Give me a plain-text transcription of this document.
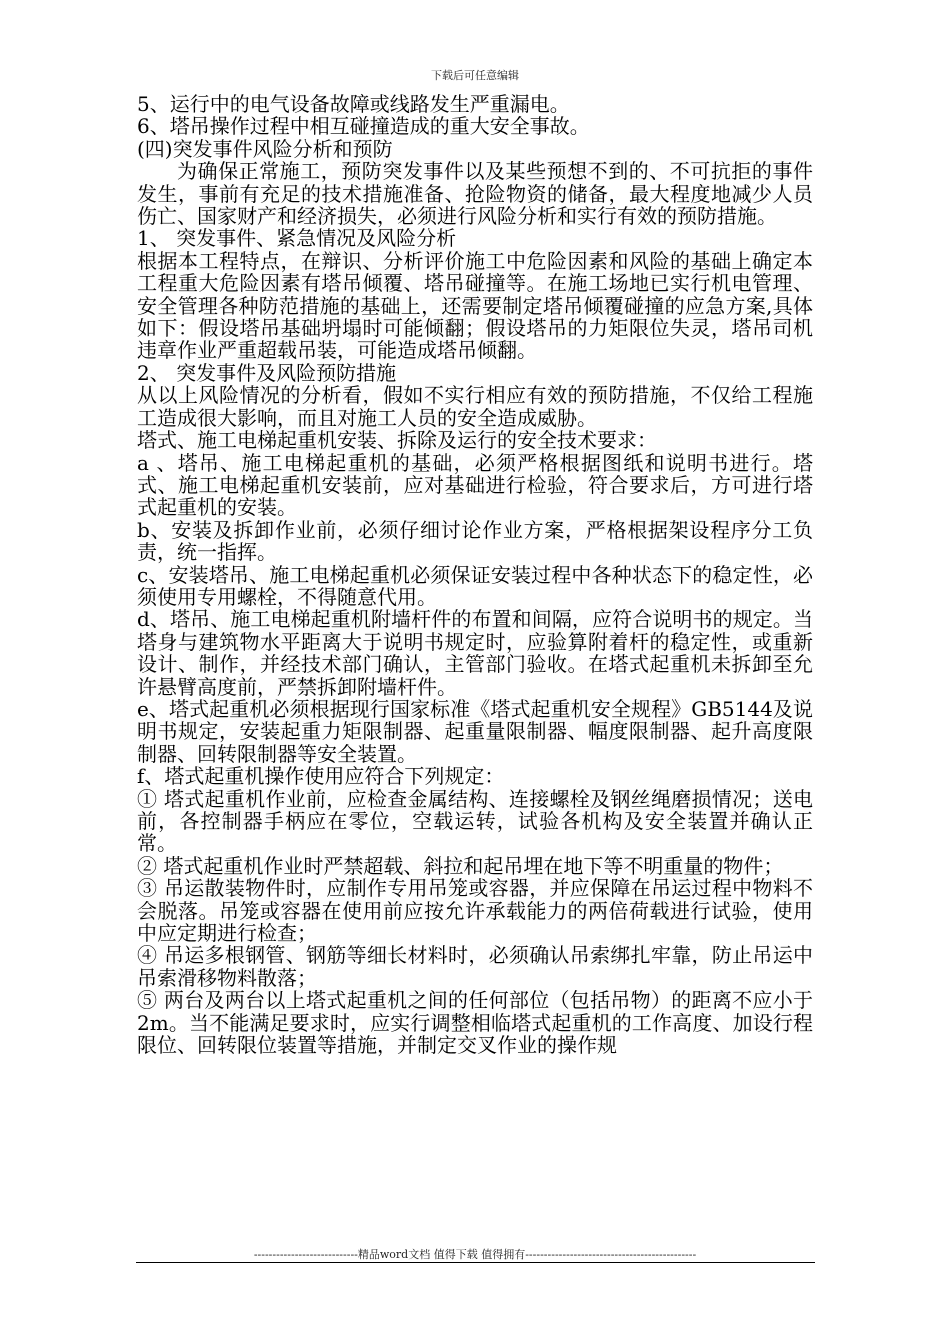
下载后可任意编辑

5、运行中的电气设备故障或线路发生严重漏电。

6、塔吊操作过程中相互碰撞造成的重大安全事故。

(四)突发事件风险分析和预防

为确保正常施工，预防突发事件以及某些预想不到的、不可抗拒的事件发生，事前有充足的技术措施准备、抢险物资的储备，最大程度地减少人员伤亡、国家财产和经济损失，必须进行风险分析和实行有效的预防措施。

1、 突发事件、紧急情况及风险分析

根据本工程特点，在辩识、分析评价施工中危险因素和风险的基础上确定本工程重大危险因素有塔吊倾覆、塔吊碰撞等。在施工场地已实行机电管理、安全管理各种防范措施的基础上，还需要制定塔吊倾覆碰撞的应急方案,具体如下：假设塔吊基础坍塌时可能倾翻；假设塔吊的力矩限位失灵，塔吊司机违章作业严重超载吊装，可能造成塔吊倾翻。

2、 突发事件及风险预防措施

从以上风险情况的分析看，假如不实行相应有效的预防措施，不仅给工程施工造成很大影响，而且对施工人员的安全造成威胁。

塔式、施工电梯起重机安装、拆除及运行的安全技术要求：

a 、塔吊、施工电梯起重机的基础，必须严格根据图纸和说明书进行。塔式、施工电梯起重机安装前，应对基础进行检验，符合要求后，方可进行塔式起重机的安装。

b、安装及拆卸作业前，必须仔细讨论作业方案，严格根据架设程序分工负责，统一指挥。

c、安装塔吊、施工电梯起重机必须保证安装过程中各种状态下的稳定性，必须使用专用螺栓，不得随意代用。

d、塔吊、施工电梯起重机附墙杆件的布置和间隔，应符合说明书的规定。当塔身与建筑物水平距离大于说明书规定时，应验算附着杆的稳定性，或重新设计、制作，并经技术部门确认，主管部门验收。在塔式起重机未拆卸至允许悬臂高度前，严禁拆卸附墙杆件。

e、塔式起重机必须根据现行国家标准《塔式起重机安全规程》GB5144及说明书规定，安装起重力矩限制器、起重量限制器、幅度限制器、起升高度限制器、回转限制器等安全装置。

f、塔式起重机操作使用应符合下列规定：

① 塔式起重机作业前，应检查金属结构、连接螺栓及钢丝绳磨损情况；送电前，各控制器手柄应在零位，空载运转，试验各机构及安全装置并确认正常。

② 塔式起重机作业时严禁超载、斜拉和起吊埋在地下等不明重量的物件；

③ 吊运散装物件时，应制作专用吊笼或容器，并应保障在吊运过程中物料不会脱落。吊笼或容器在使用前应按允许承载能力的两倍荷载进行试验，使用中应定期进行检查；

④ 吊运多根钢管、钢筋等细长材料时，必须确认吊索绑扎牢靠，防止吊运中吊索滑移物料散落；

⑤ 两台及两台以上塔式起重机之间的任何部位（包括吊物）的距离不应小于2m。当不能满足要求时，应实行调整相临塔式起重机的工作高度、加设行程限位、回转限位装置等措施，并制定交叉作业的操作规

----------------------------精品word文档 值得下载 值得拥有----------------------------------------------
